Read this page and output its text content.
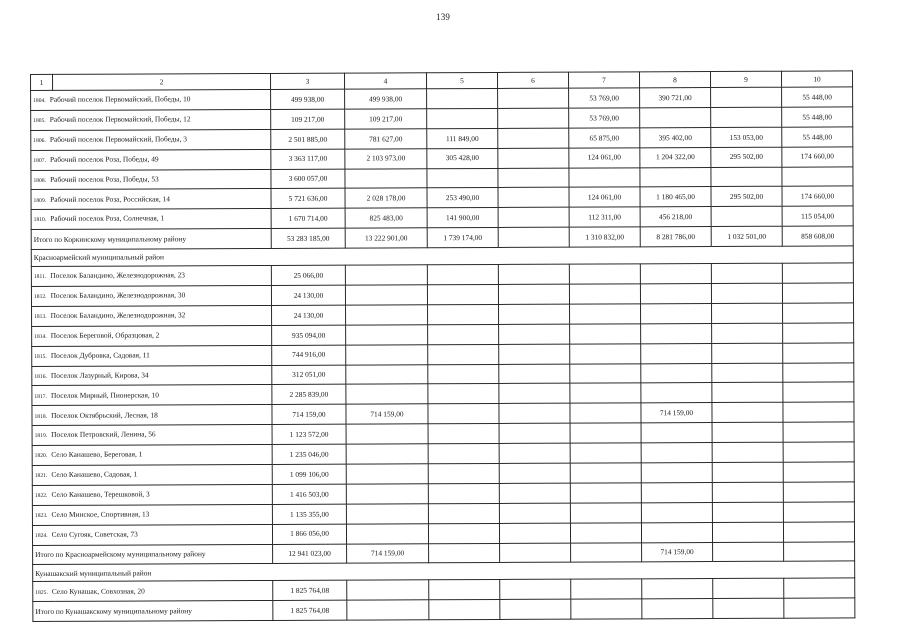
139
1	2	3	4	5	6	7	8	9	10
1804. Рабочий поселок Первомайский, Победы, 10		499 938,00	499 938,00			53 769,00	390 721,00		55 448,00
1805. Рабочий поселок Первомайский, Победы, 12		109 217,00	109 217,00			53 769,00			55 448,00
1806. Рабочий поселок Первомайский, Победы, 3		2 501 885,00	781 627,00	111 849,00		65 875,00	395 402,00	153 053,00	55 448,00
1807. Рабочий поселок Роза, Победы, 49		3 363 117,00	2 103 973,00	305 428,00		124 061,00	1 204 322,00	295 502,00	174 660,00
1808. Рабочий поселок Роза, Победы, 53		3 600 057,00							
1809. Рабочий поселок Роза, Российская, 14		5 721 636,00	2 028 178,00	253 490,00		124 061,00	1 180 465,00	295 502,00	174 660,00
1810. Рабочий поселок Роза, Солнечная, 1		1 670 714,00	825 483,00	141 900,00		112 311,00	456 218,00		115 054,00
Итого по Коркинскому муниципальному району		53 283 185,00	13 222 901,00	1 739 174,00		1 310 832,00	8 281 786,00	1 032 501,00	858 608,00
Красноармейский муниципальный район									
1811. Поселок Баландино, Железнодорожная, 23		25 066,00							
1812. Поселок Баландино, Железнодорожная, 30		24 130,00							
1813. Поселок Баландино, Железнодорожная, 32		24 130,00							
1814. Поселок Береговой, Образцовая, 2		935 094,00							
1815. Поселок Дубровка, Садовая, 11		744 916,00							
1816. Поселок Лазурный, Кирова, 34		312 051,00							
1817. Поселок Мирный, Пионерская, 10		2 285 839,00							
1818. Поселок Октябрьский, Лесная, 18		714 159,00	714 159,00				714 159,00		
1819. Поселок Петровский, Ленина, 56		1 123 572,00							
1820. Село Канашево, Береговая, 1		1 235 046,00							
1821. Село Канашево, Садовая, 1		1 099 106,00							
1822. Село Канашево, Терешковой, 3		1 416 503,00							
1823. Село Минское, Спортивная, 13		1 135 355,00							
1824. Село Сугояк, Советская, 73		1 866 056,00							
Итого по Красноармейскому муниципальному району		12 941 023,00	714 159,00				714 159,00		
Кунашакский муниципальный район									
1825. Село Кунашак, Совхозная, 20		1 825 764,08							
Итого по Кунашакскому муниципальному району		1 825 764,08							
